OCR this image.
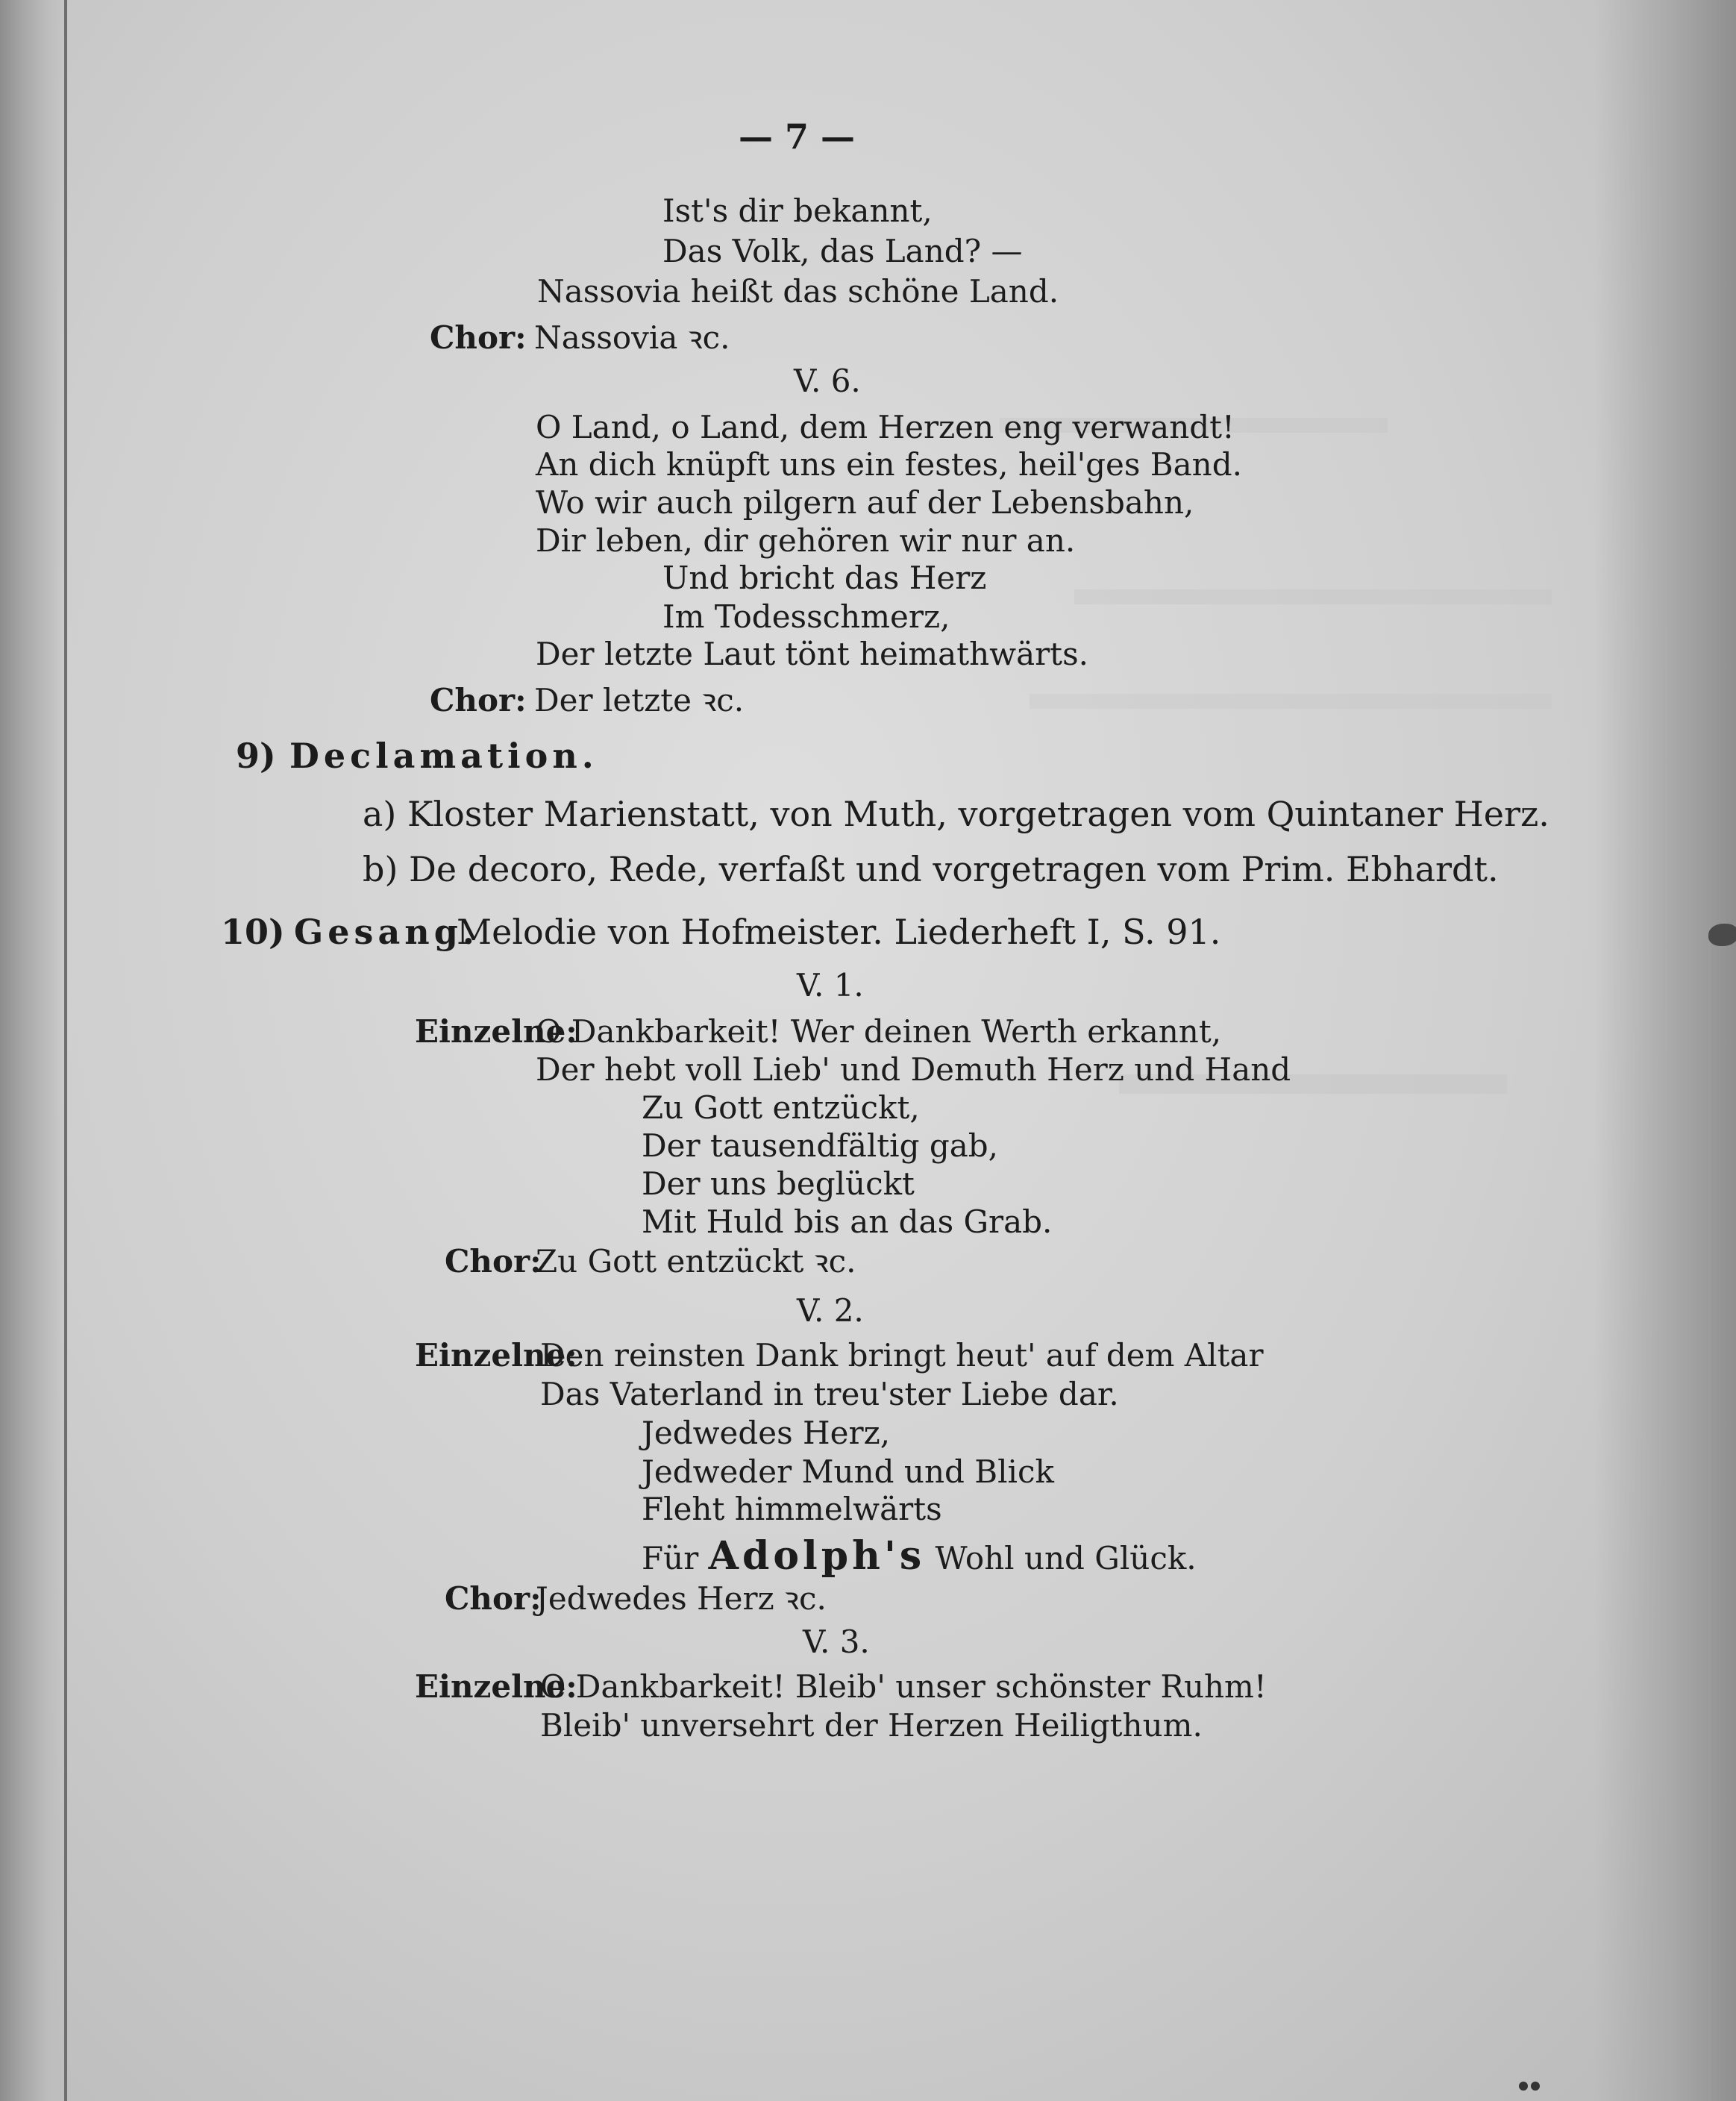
— 7 —
Ist's dir bekannt,
Das Volk, das Land? —
Nassovia heißt das schöne Land.
Chor: Nassovia ꝛc.
V. 6.
O Land, o Land, dem Herzen eng verwandt!
An dich knüpft uns ein festes, heil'ges Band.
Wo wir auch pilgern auf der Lebensbahn,
Dir leben, dir gehören wir nur an.
Und bricht das Herz
Im Todesschmerz,
Der letzte Laut tönt heimathwärts.
Chor: Der letzte ꝛc.
9) Declamation.
a) Kloster Marienstatt, von Muth, vorgetragen vom Quintaner Herz.
b) De decoro, Rede, verfaßt und vorgetragen vom Prim. Ebhardt.
10) Gesang.
Melodie von Hofmeister. Liederheft I, S. 91.
V. 1.
Einzelne:
O Dankbarkeit! Wer deinen Werth erkannt,
Der hebt voll Lieb' und Demuth Herz und Hand
Zu Gott entzückt,
Der tausendfältig gab,
Der uns beglückt
Mit Huld bis an das Grab.
Chor:
Zu Gott entzückt ꝛc.
V. 2.
Einzelne:
Den reinsten Dank bringt heut' auf dem Altar
Das Vaterland in treu'ster Liebe dar.
Jedwedes Herz,
Jedweder Mund und Blick
Fleht himmelwärts
Für Adolph's Wohl und Glück.
Chor:
Jedwedes Herz ꝛc.
V. 3.
Einzelne:
O Dankbarkeit! Bleib' unser schönster Ruhm!
Bleib' unversehrt der Herzen Heiligthum.
